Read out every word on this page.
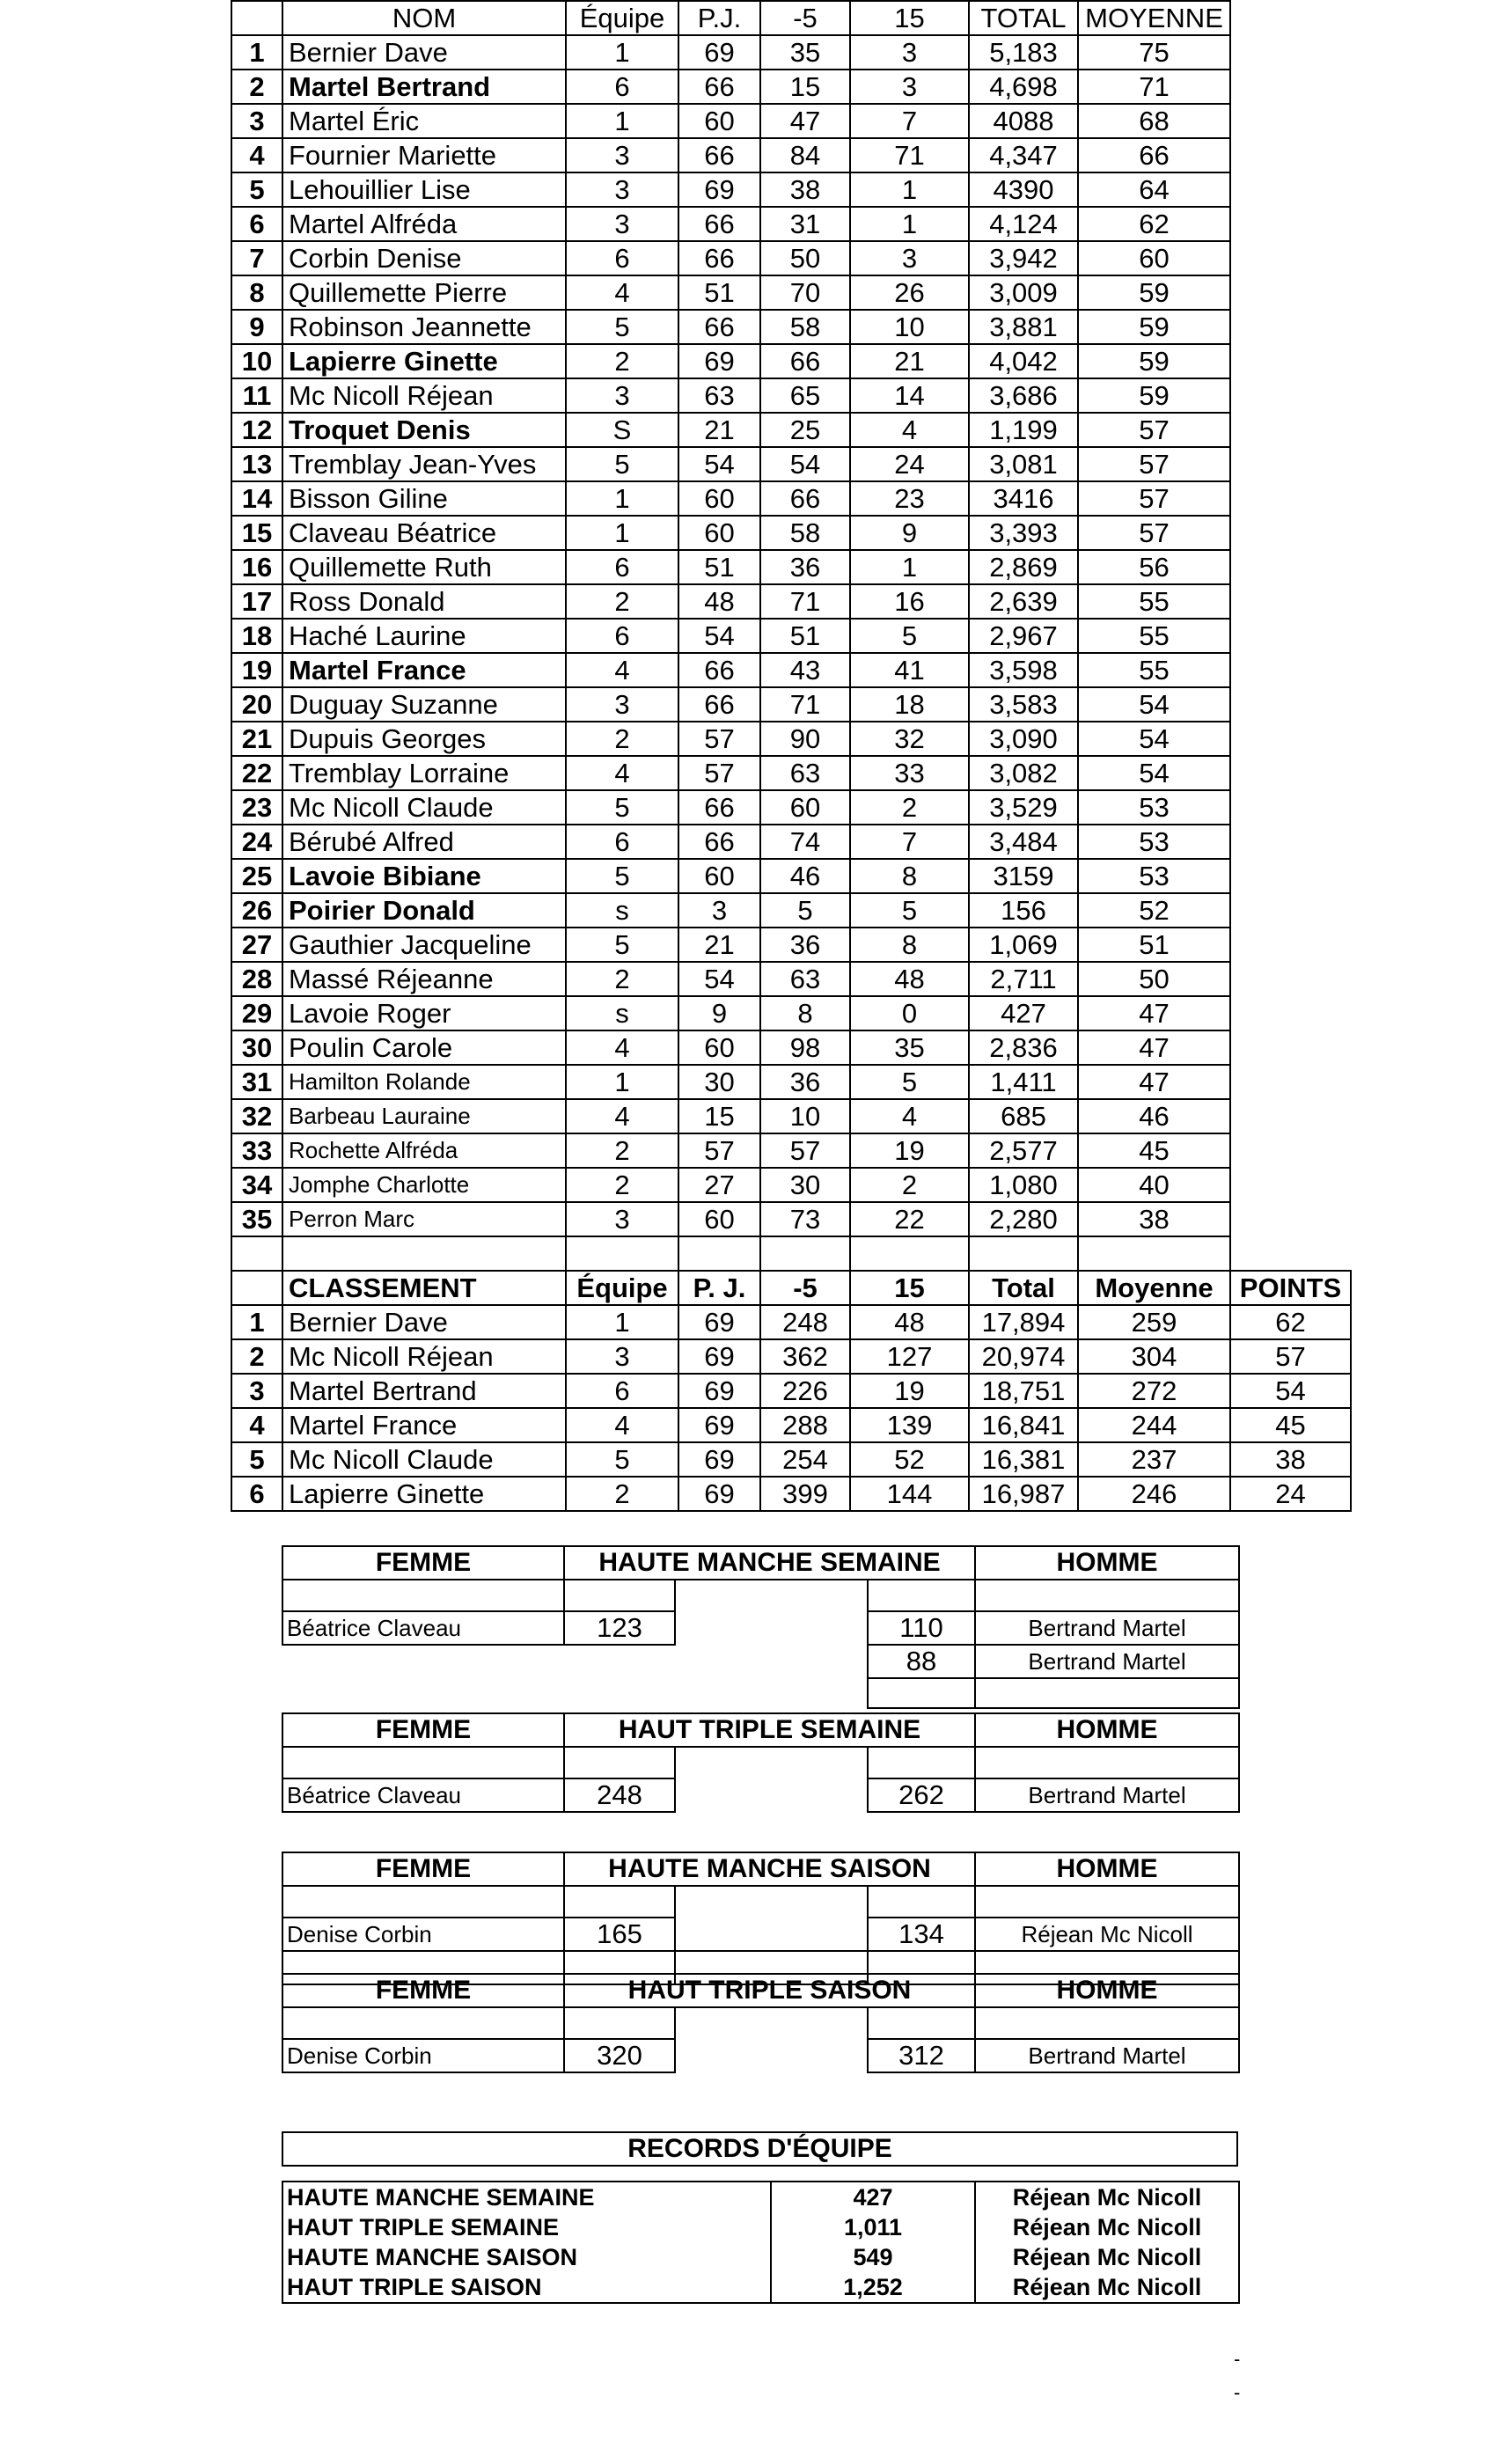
	NOM	Équipe	P.J.	-5	15	TOTAL	MOYENNE	
1	Bernier Dave	1	69	35	3	5,183	75	
2	Martel Bertrand	6	66	15	3	4,698	71	
3	Martel Éric	1	60	47	7	4088	68	
4	Fournier Mariette	3	66	84	71	4,347	66	
5	Lehouillier Lise	3	69	38	1	4390	64	
6	Martel Alfréda	3	66	31	1	4,124	62	
7	Corbin Denise	6	66	50	3	3,942	60	
8	Quillemette Pierre	4	51	70	26	3,009	59	
9	Robinson Jeannette	5	66	58	10	3,881	59	
10	Lapierre Ginette	2	69	66	21	4,042	59	
11	Mc Nicoll Réjean	3	63	65	14	3,686	59	
12	Troquet Denis	S	21	25	4	1,199	57	
13	Tremblay Jean-Yves	5	54	54	24	3,081	57	
14	Bisson Giline	1	60	66	23	3416	57	
15	Claveau Béatrice	1	60	58	9	3,393	57	
16	Quillemette Ruth	6	51	36	1	2,869	56	
17	Ross Donald	2	48	71	16	2,639	55	
18	Haché Laurine	6	54	51	5	2,967	55	
19	Martel France	4	66	43	41	3,598	55	
20	Duguay Suzanne	3	66	71	18	3,583	54	
21	Dupuis Georges	2	57	90	32	3,090	54	
22	Tremblay Lorraine	4	57	63	33	3,082	54	
23	Mc Nicoll Claude	5	66	60	2	3,529	53	
24	Bérubé Alfred	6	66	74	7	3,484	53	
25	Lavoie Bibiane	5	60	46	8	3159	53	
26	Poirier Donald	s	3	5	5	156	52	
27	Gauthier Jacqueline	5	21	36	8	1,069	51	
28	Massé Réjeanne	2	54	63	48	2,711	50	
29	Lavoie Roger	s	9	8	0	427	47	
30	Poulin Carole	4	60	98	35	2,836	47	
31	Hamilton Rolande	1	30	36	5	1,411	47	
32	Barbeau Lauraine	4	15	10	4	685	46	
33	Rochette Alfréda	2	57	57	19	2,577	45	
34	Jomphe Charlotte	2	27	30	2	1,080	40	
35	Perron Marc	3	60	73	22	2,280	38	

	CLASSEMENT	Équipe	P. J.	-5	15	Total	Moyenne	POINTS
1	Bernier Dave	1	69	248	48	17,894	259	62
2	Mc Nicoll Réjean	3	69	362	127	20,974	304	57
3	Martel Bertrand	6	69	226	19	18,751	272	54
4	Martel France	4	69	288	139	16,841	244	45
5	Mc Nicoll Claude	5	69	254	52	16,381	237	38
6	Lapierre Ginette	2	69	399	144	16,987	246	24
FEMME	HAUTE MANCHE SEMAINE			HOMME

Béatrice Claveau	123		110	Bertrand Martel
			88	Bertrand Martel

FEMME	HAUT TRIPLE SEMAINE			HOMME

Béatrice Claveau	248		262	Bertrand Martel
FEMME	HAUTE MANCHE SAISON			HOMME

Denise Corbin	165		134	Réjean Mc Nicoll

FEMME	HAUT TRIPLE SAISON			HOMME

Denise Corbin	320		312	Bertrand Martel
RECORDS D'ÉQUIPE
HAUTE MANCHE SEMAINE	427	Réjean Mc Nicoll
HAUT TRIPLE SEMAINE	1,011	Réjean Mc Nicoll
HAUTE MANCHE SAISON	549	Réjean Mc Nicoll
HAUT TRIPLE SAISON	1,252	Réjean Mc Nicoll
-
-
